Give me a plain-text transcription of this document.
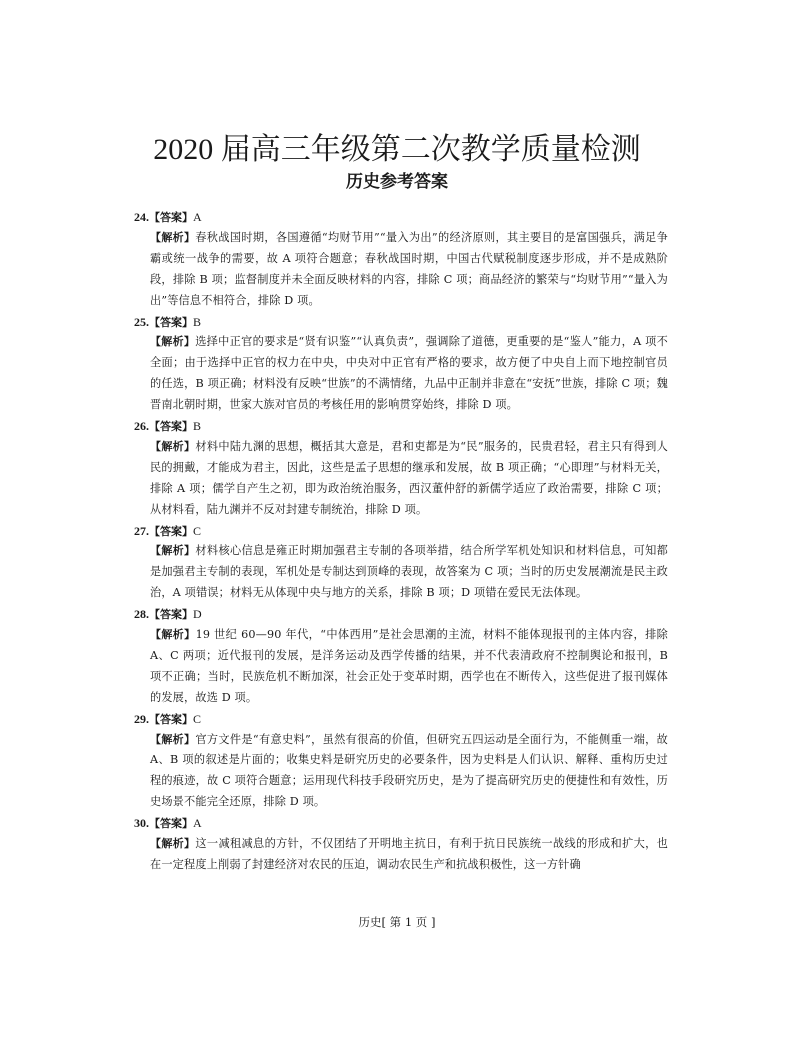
2020 届高三年级第二次教学质量检测
历史参考答案
24.【答案】A
【解析】春秋战国时期，各国遵循“均财节用”“量入为出”的经济原则，其主要目的是富国强兵，满足争霸或统一战争的需要，故 A 项符合题意；春秋战国时期，中国古代赋税制度逐步形成，并不是成熟阶段，排除 B 项；监督制度并未全面反映材料的内容，排除 C 项；商品经济的繁荣与“均财节用”“量入为出”等信息不相符合，排除 D 项。
25.【答案】B
【解析】选择中正官的要求是“贤有识鉴”“认真负责”，强调除了道德，更重要的是“鉴人”能力，A 项不全面；由于选择中正官的权力在中央，中央对中正官有严格的要求，故方便了中央自上而下地控制官员的任选，B 项正确；材料没有反映“世族”的不满情绪，九品中正制并非意在“安抚”世族，排除 C 项；魏晋南北朝时期，世家大族对官员的考核任用的影响贯穿始终，排除 D 项。
26.【答案】B
【解析】材料中陆九渊的思想，概括其大意是，君和吏都是为“民”服务的，民贵君轻，君主只有得到人民的拥戴，才能成为君主，因此，这些是孟子思想的继承和发展，故 B 项正确；“心即理”与材料无关，排除 A 项；儒学自产生之初，即为政治统治服务，西汉董仲舒的新儒学适应了政治需要，排除 C 项；从材料看，陆九渊并不反对封建专制统治，排除 D 项。
27.【答案】C
【解析】材料核心信息是雍正时期加强君主专制的各项举措，结合所学军机处知识和材料信息，可知都是加强君主专制的表现，军机处是专制达到顶峰的表现，故答案为 C 项；当时的历史发展潮流是民主政治，A 项错误；材料无从体现中央与地方的关系，排除 B 项；D 项错在爱民无法体现。
28.【答案】D
【解析】19 世纪 60—90 年代，“中体西用”是社会思潮的主流，材料不能体现报刊的主体内容，排除 A、C 两项；近代报刊的发展，是洋务运动及西学传播的结果，并不代表清政府不控制舆论和报刊，B 项不正确；当时，民族危机不断加深，社会正处于变革时期，西学也在不断传入，这些促进了报刊媒体的发展，故选 D 项。
29.【答案】C
【解析】官方文件是“有意史料”，虽然有很高的价值，但研究五四运动是全面行为，不能侧重一端，故 A、B 项的叙述是片面的；收集史料是研究历史的必要条件，因为史料是人们认识、解释、重构历史过程的痕迹，故 C 项符合题意；运用现代科技手段研究历史，是为了提高研究历史的便捷性和有效性，历史场景不能完全还原，排除 D 项。
30.【答案】A
【解析】这一减租减息的方针，不仅团结了开明地主抗日，有利于抗日民族统一战线的形成和扩大，也在一定程度上削弱了封建经济对农民的压迫，调动农民生产和抗战积极性，这一方针确
历史[ 第 1 页 ]
